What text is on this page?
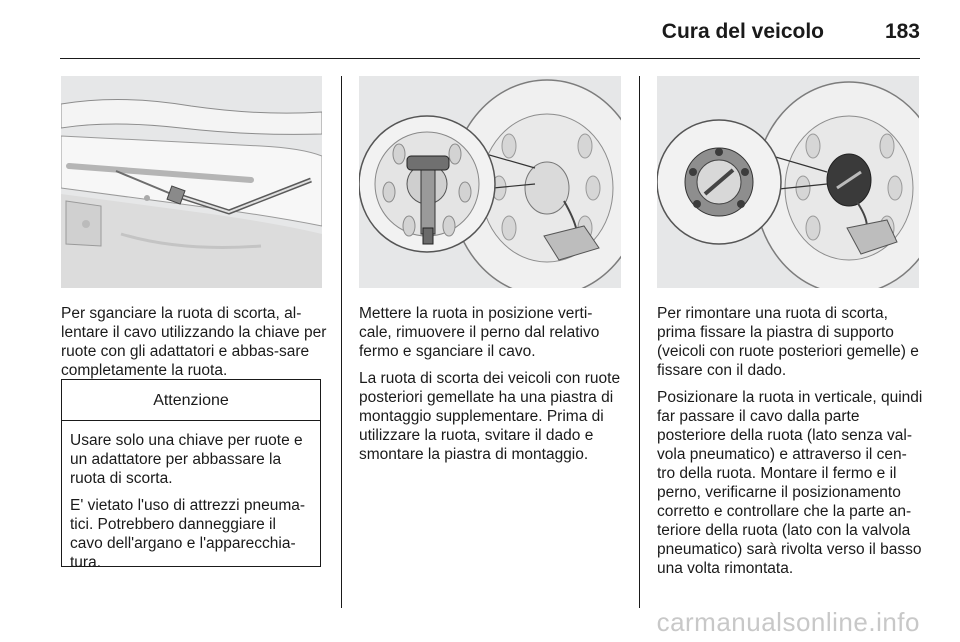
Cura del veicolo	183

Per sganciare la ruota di scorta, al-lentare il cavo utilizzando la chiave per ruote con gli adattatori e abbas-sare completamente la ruota.

Attenzione

Usare solo una chiave per ruote e un adattatore per abbassare la ruota di scorta.

E' vietato l'uso di attrezzi pneuma-tici. Potrebbero danneggiare il cavo dell'argano e l'apparecchia-tura.

Mettere la ruota in posizione verti-cale, rimuovere il perno dal relativo fermo e sganciare il cavo.

La ruota di scorta dei veicoli con ruote posteriori gemellate ha una piastra di montaggio supplementare. Prima di utilizzare la ruota, svitare il dado e smontare la piastra di montaggio.

Per rimontare una ruota di scorta, prima fissare la piastra di supporto (veicoli con ruote posteriori gemelle) e fissare con il dado.

Posizionare la ruota in verticale, quindi far passare il cavo dalla parte posteriore della ruota (lato senza val-vola pneumatico) e attraverso il cen-tro della ruota. Montare il fermo e il perno, verificarne il posizionamento corretto e controllare che la parte an-teriore della ruota (lato con la valvola pneumatico) sarà rivolta verso il basso una volta rimontata.

carmanualsonline.info
